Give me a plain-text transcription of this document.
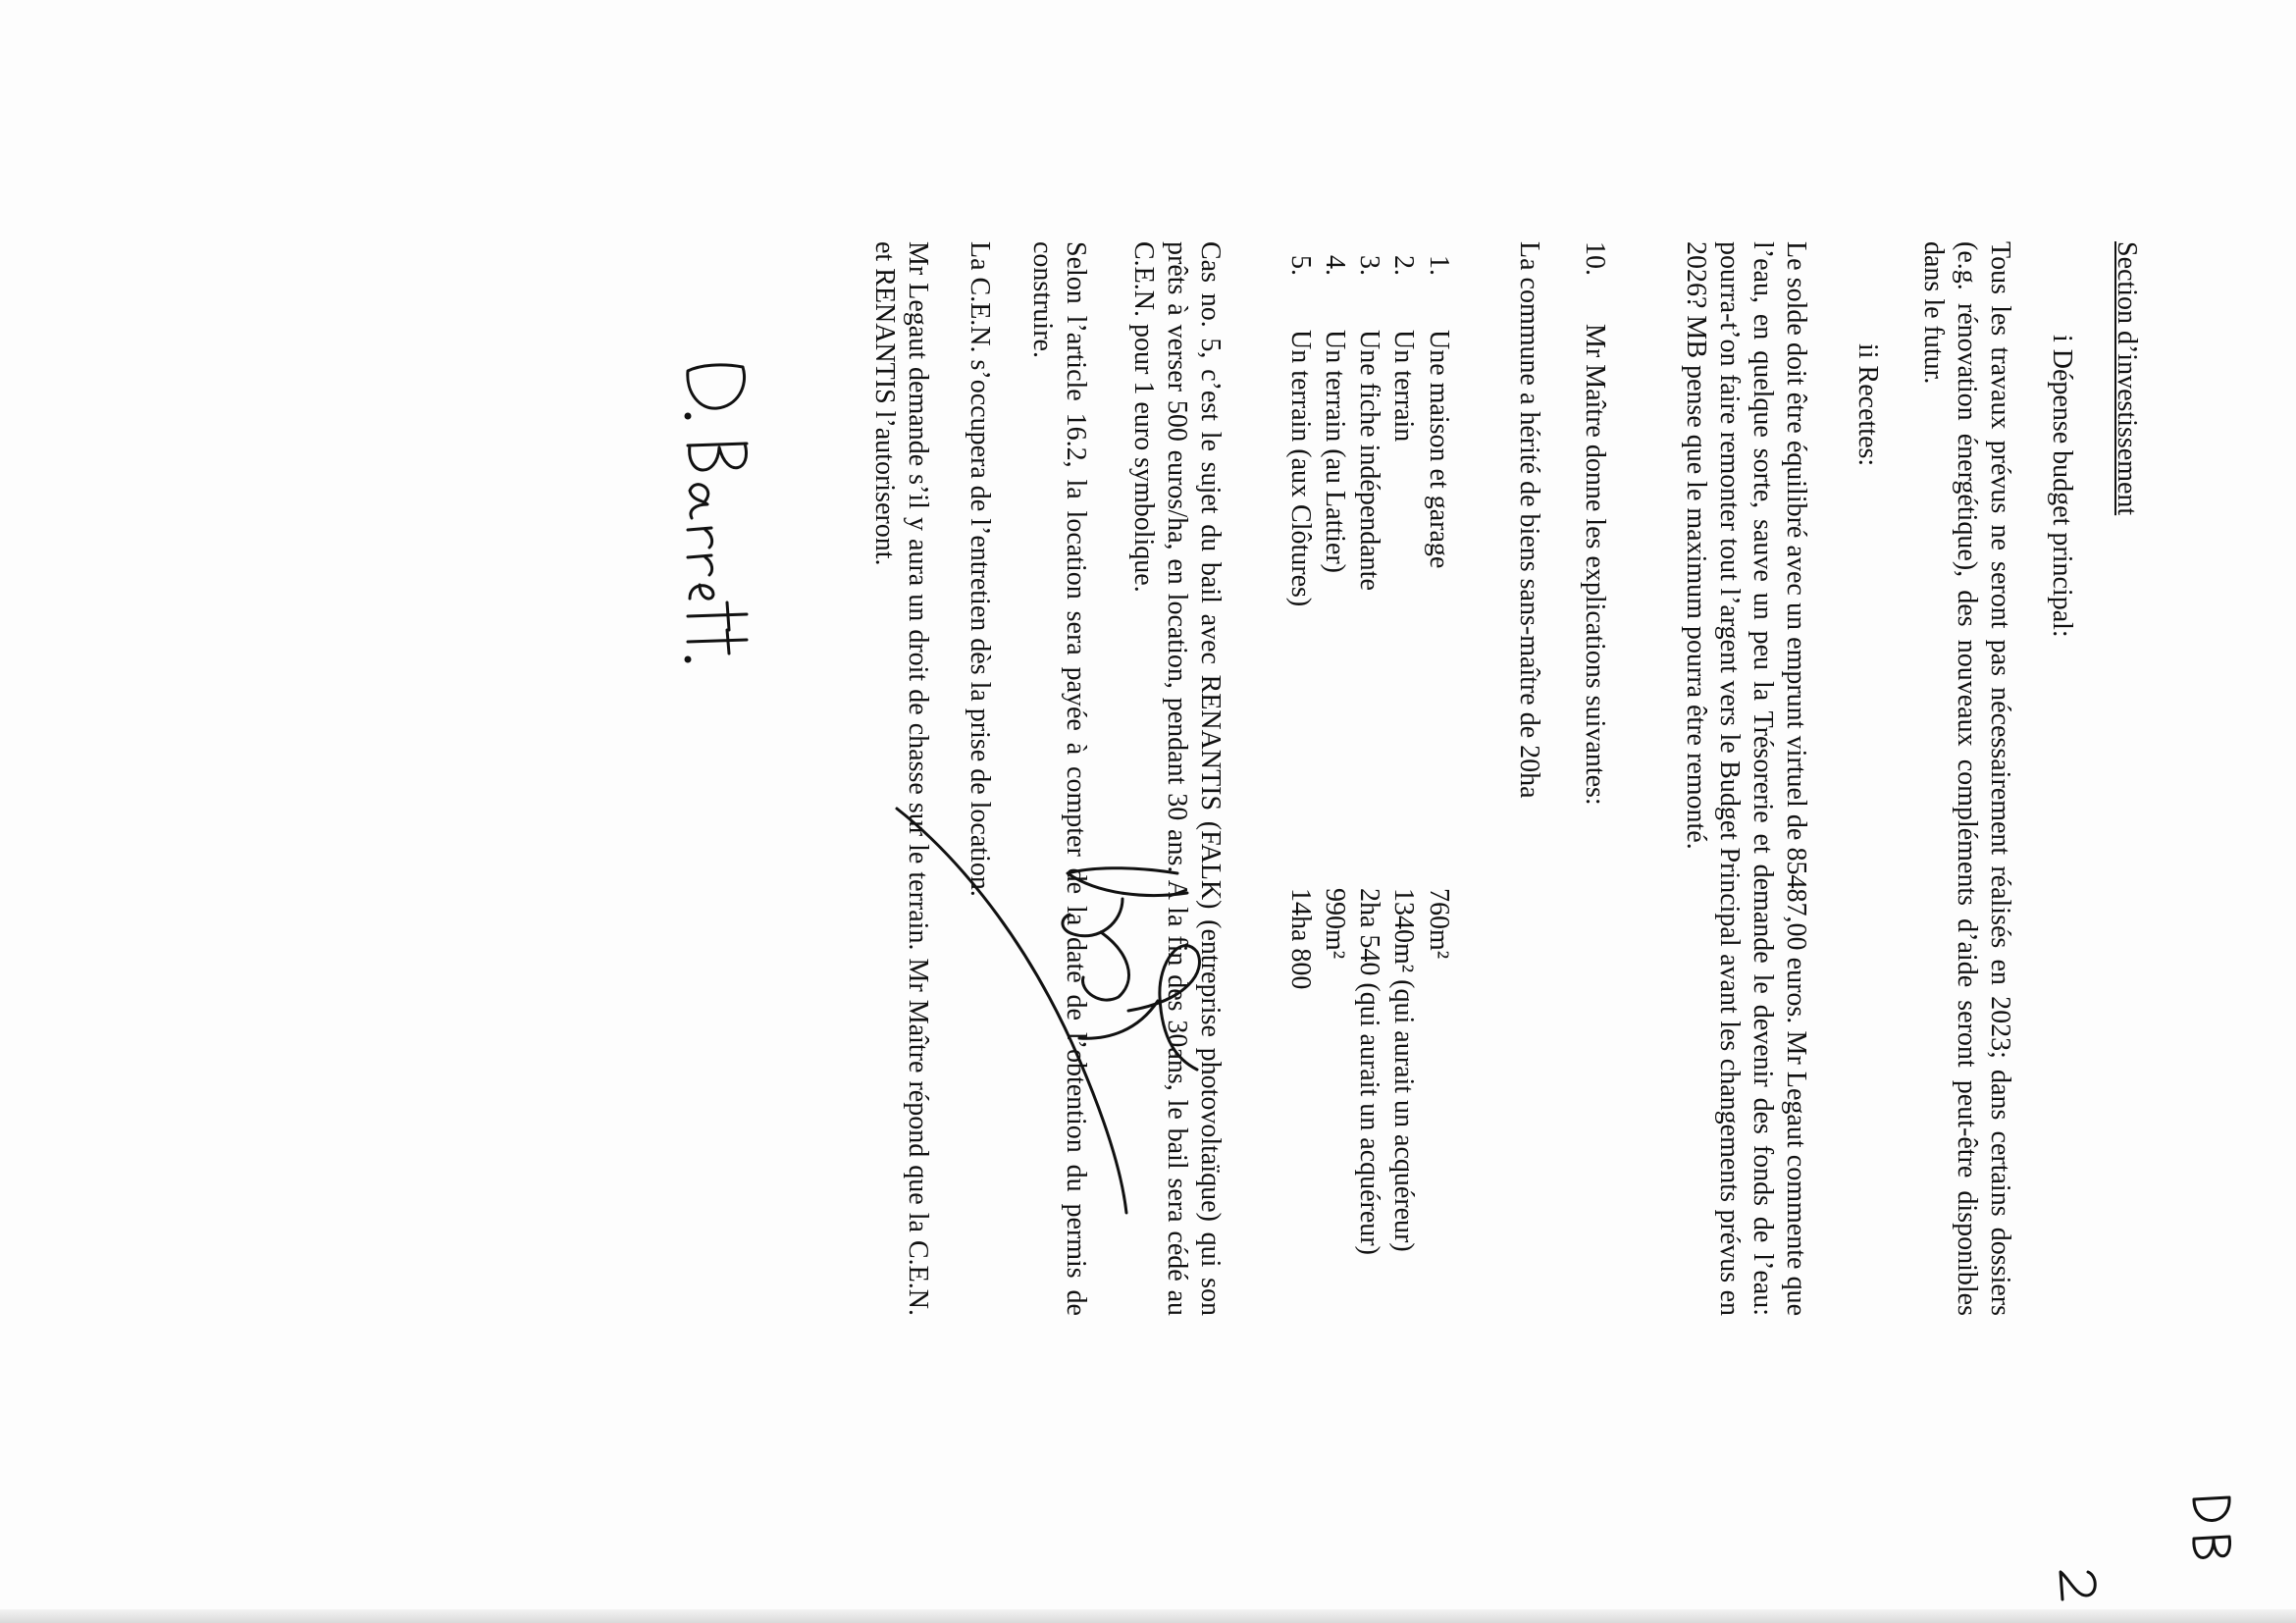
Section d’investissement

i Dépense budget principal:

Tous les travaux prévus ne seront pas nécessairement réalisés en 2023; dans certains dossiers (e.g. rénovation énergétique), des nouveaux compléments d’aide seront peut-être disponibles dans le futur.

ii Recettes:

Le solde doit être équilibré avec un emprunt virtuel de 85487,00 euros. Mr Legaut commente que l’eau, en quelque sorte, sauve un peu la Trésorerie et demande le devenir des fonds de l’eau: pourra-t’on faire remonter tout l’argent vers le Budget Principal avant les changements prévus en 2026? MB pense que le maximum pourra être remonté.

10.
Mr Maître donne les explications suivantes:

La commune a hérité de biens sans-maître de 20ha

1.
Une maison et garage
760m²
2.
Un terrain
1340m² (qui aurait un acquéreur)
3.
Une fiche indépendante
2ha 540 (qui aurait un acquéreur)
4.
Un terrain (au Lattier)
990m²
5.
Un terrain (aux Clôtures)
14ha 800

Cas no. 5, c’est le sujet du bail avec RENANTIS (FALK) (entreprise photovoltaïque) qui son prêts à verser 500 euros/ha, en location, pendant 30 ans. A la fin des 30ans, le bail sera cédé au C.E.N. pour 1 euro symbolique.

Selon l’article 16.2, la location sera payée à compter de la date de l’obtention du permis de construire.

La C.E.N. s’occupera de l’entretien dès la prise de location.

Mr Legaut demande s’il y aura un droit de chasse sur le terrain. Mr Maître répond que la C.E.N. et RENANTIS l’autoriseront.
